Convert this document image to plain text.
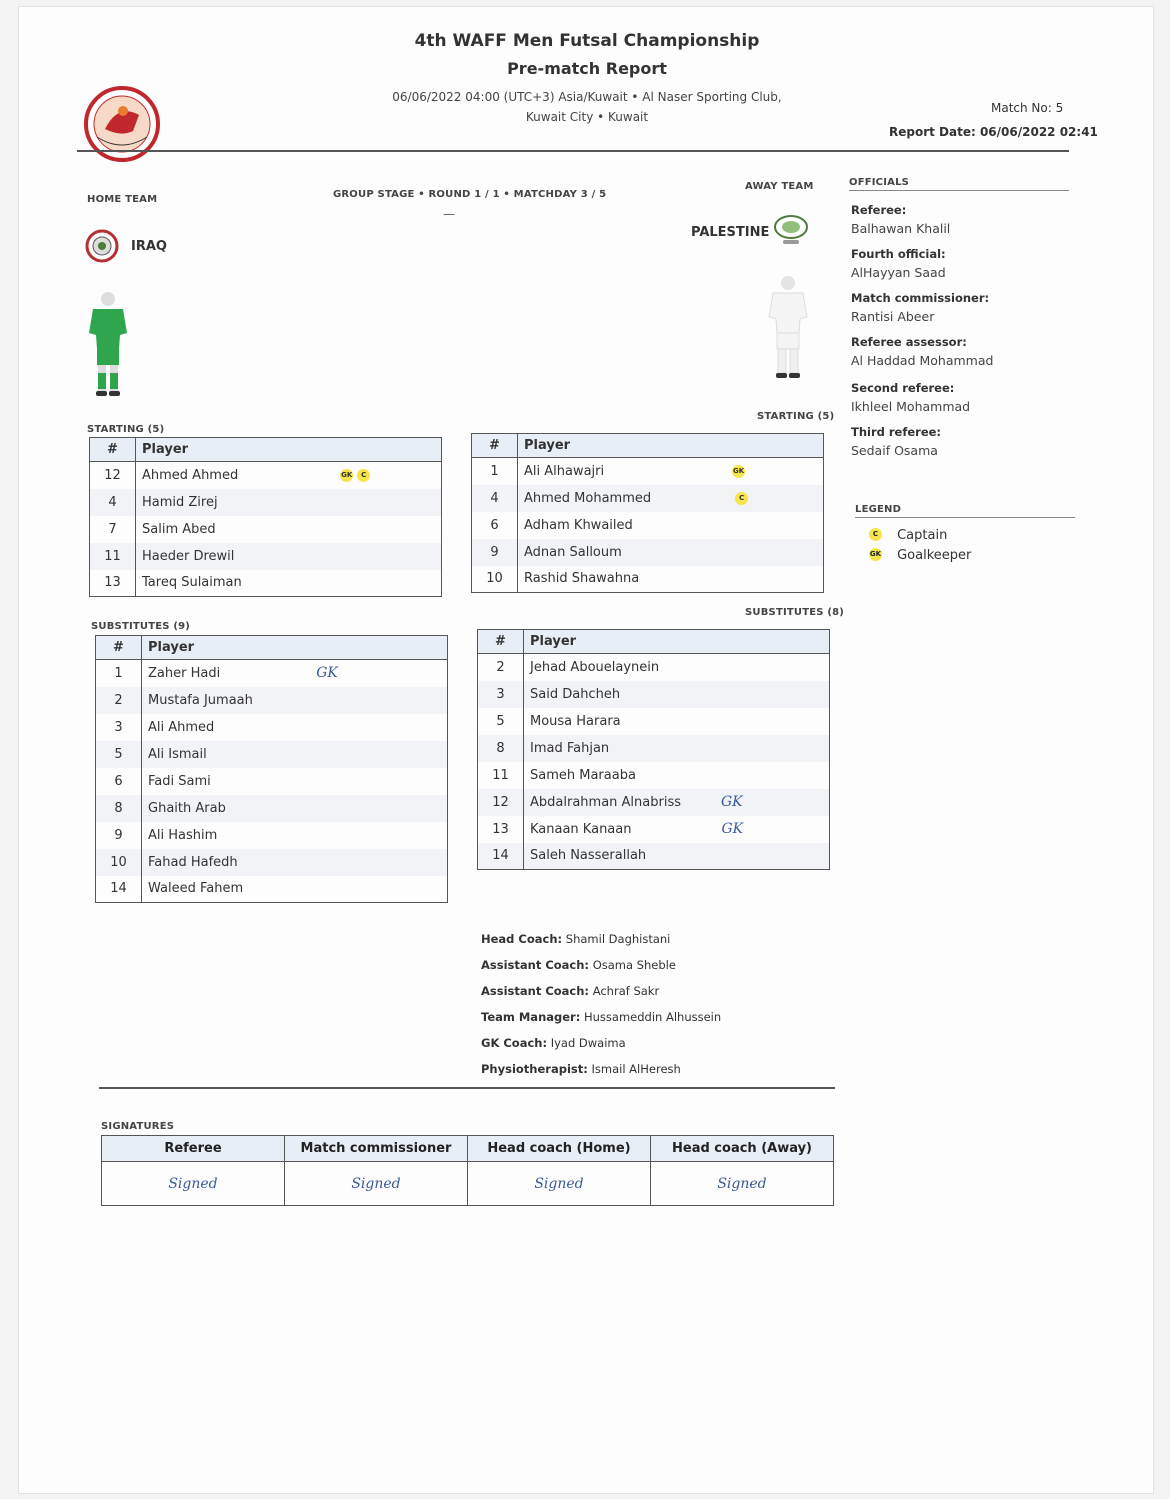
4th WAFF Men Futsal Championship
Pre-match Report
06/06/2022 04:00 (UTC+3) Asia/Kuwait • Al Naser Sporting Club,
Kuwait City • Kuwait
Match No: 5
Report Date: 06/06/2022 02:41
HOME TEAM	GROUP STAGE • ROUND 1 / 1 • MATCHDAY 3 / 5
—
AWAY TEAM
IRAQ
PALESTINE
STARTING (5)
#	Player
12	Ahmed Ahmed GK C
4	Hamid Zirej
7	Salim Abed
11	Haeder Drewil
13	Tareq Sulaiman
STARTING (5)
#	Player
1	Ali Alhawajri GK
4	Ahmed Mohammed C
6	Adham Khwailed
9	Adnan Salloum
10	Rashid Shawahna
SUBSTITUTES (9)
#	Player
1	Zaher Hadi GK
2	Mustafa Jumaah
3	Ali Ahmed
5	Ali Ismail
6	Fadi Sami
8	Ghaith Arab
9	Ali Hashim
10	Fahad Hafedh
14	Waleed Fahem
SUBSTITUTES (8)
#	Player
2	Jehad Abouelaynein
3	Said Dahcheh
5	Mousa Harara
8	Imad Fahjan
11	Sameh Maraaba
12	Abdalrahman Alnabriss GK
13	Kanaan Kanaan GK
14	Saleh Nasserallah
OFFICIALS
Referee:
Balhawan Khalil
Fourth official:
AlHayyan Saad
Match commissioner:
Rantisi Abeer
Referee assessor:
Al Haddad Mohammad
Second referee:
Ikhleel Mohammad
Third referee:
Sedaif Osama
LEGEND
C Captain
GK Goalkeeper
Head Coach: Shamil Daghistani
Assistant Coach: Osama Sheble
Assistant Coach: Achraf Sakr
Team Manager: Hussameddin Alhussein
GK Coach: Iyad Dwaima
Physiotherapist: Ismail AlHeresh
SIGNATURES
Referee	Match commissioner	Head coach (Home)	Head coach (Away)
Signed	Signed	Signed	Signed
